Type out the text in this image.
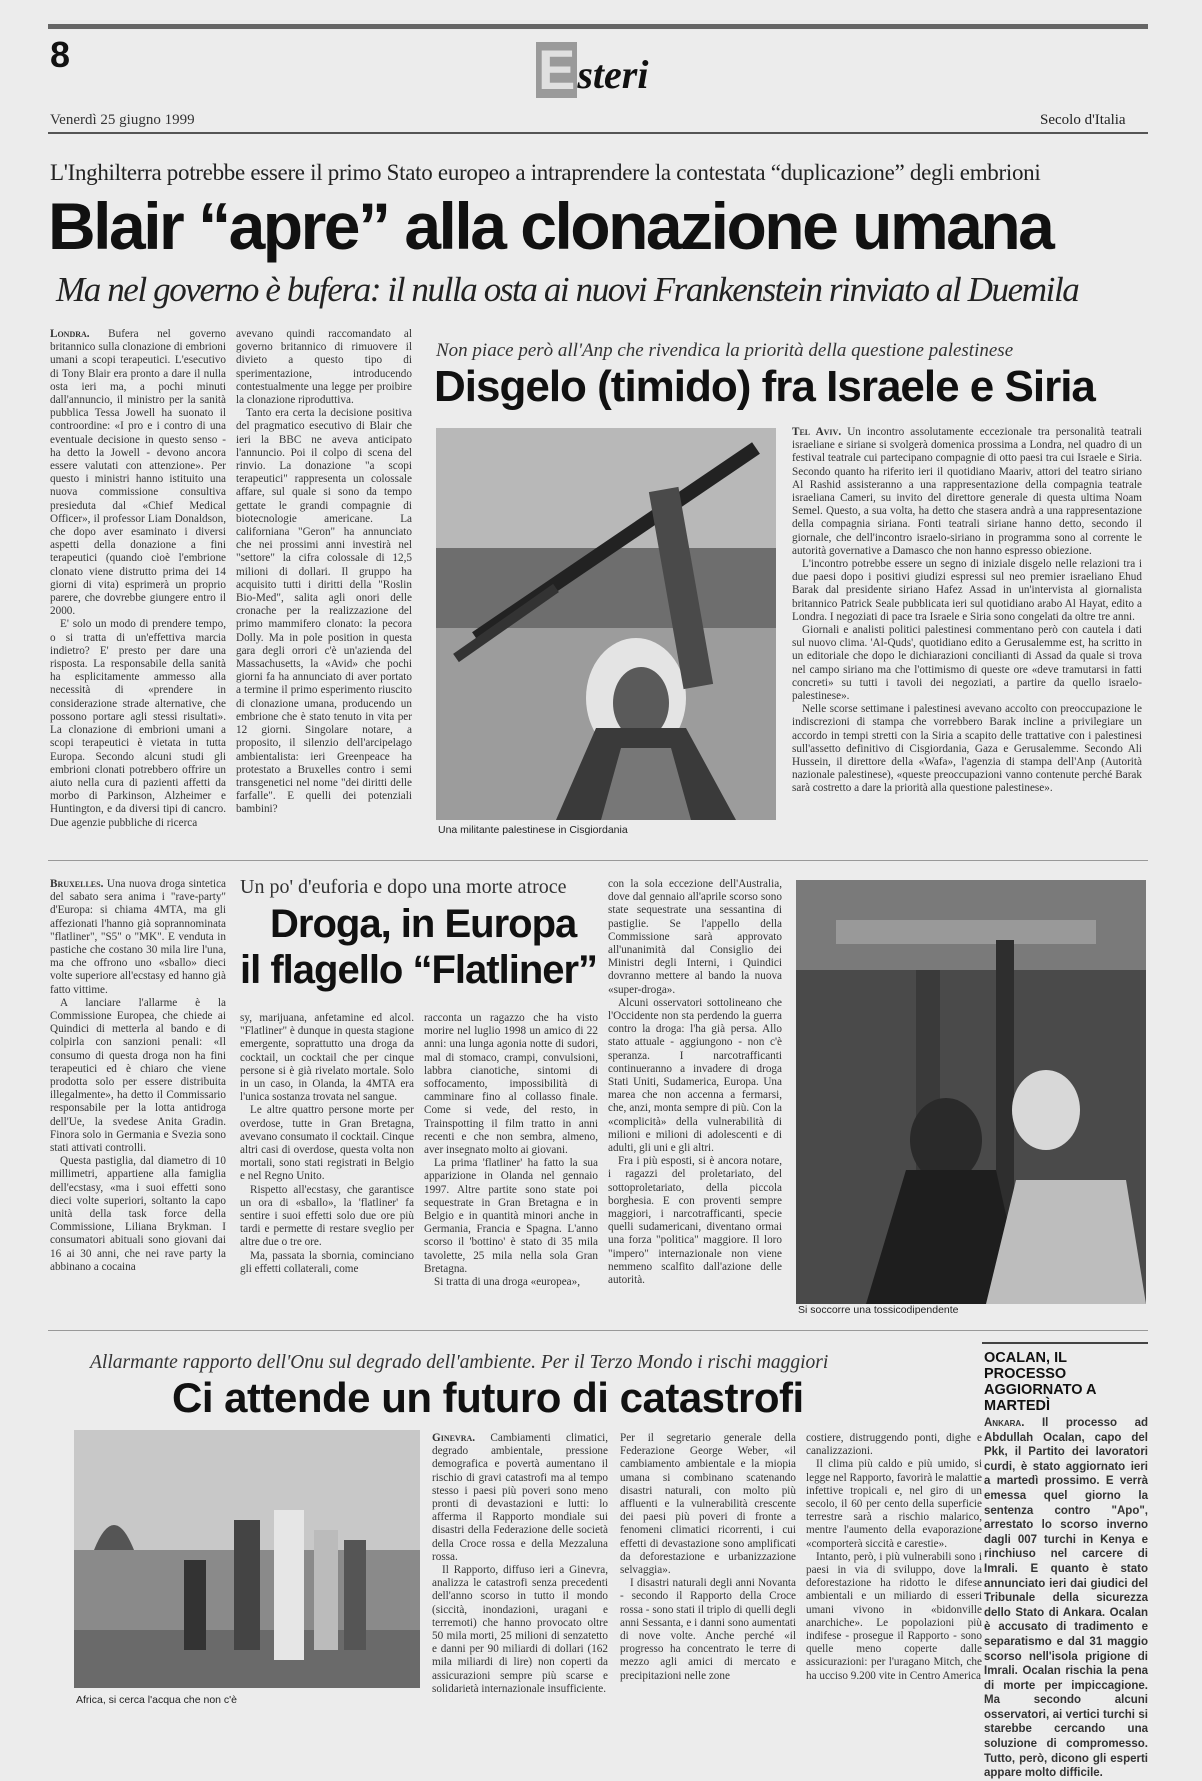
8	Esteri
Venerdì 25 giugno 1999	Secolo d'Italia
L'Inghilterra potrebbe essere il primo Stato europeo a intraprendere la contestata “duplicazione” degli embrioni
Blair “apre” alla clonazione umana
Ma nel governo è bufera: il nulla osta ai nuovi Frankenstein rinviato al Duemila

Londra. Bufera nel governo britannico sulla clonazione di embrioni umani a scopi terapeutici. L'esecutivo di Tony Blair era pronto a dare il nulla osta ieri ma, a pochi minuti dall'annuncio, il ministro per la sanità pubblica Tessa Jowell ha suonato il controordine: «I pro e i contro di una eventuale decisione in questo senso - ha detto la Jowell - devono ancora essere valutati con attenzione». Per questo i ministri hanno istituito una nuova commissione consultiva presieduta dal «Chief Medical Officer», il professor Liam Donaldson, che dopo aver esaminato i diversi aspetti della donazione a fini terapeutici (quando cioè l'embrione clonato viene distrutto prima dei 14 giorni di vita) esprimerà un proprio parere, che dovrebbe giungere entro il 2000.

E' solo un modo di prendere tempo, o si tratta di un'effettiva marcia indietro? E' presto per dare una risposta. La responsabile della sanità ha esplicitamente ammesso alla necessità di «prendere in considerazione strade alternative, che possono portare agli stessi risultati». La clonazione di embrioni umani a scopi terapeutici è vietata in tutta Europa. Secondo alcuni studi gli embrioni clonati potrebbero offrire un aiuto nella cura di pazienti affetti da morbo di Parkinson, Alzheimer e Huntington, e da diversi tipi di cancro. Due agenzie pubbliche di ricerca

avevano quindi raccomandato al governo britannico di rimuovere il divieto a questo tipo di sperimentazione, introducendo contestualmente una legge per proibire la clonazione riproduttiva.

Tanto era certa la decisione positiva del pragmatico esecutivo di Blair che ieri la BBC ne aveva anticipato l'annuncio. Poi il colpo di scena del rinvio. La donazione "a scopi terapeutici" rappresenta un colossale affare, sul quale si sono da tempo gettate le grandi compagnie di biotecnologie americane. La californiana "Geron" ha annunciato che nei prossimi anni investirà nel "settore" la cifra colossale di 12,5 milioni di dollari. Il gruppo ha acquisito tutti i diritti della "Roslin Bio-Med", salita agli onori delle cronache per la realizzazione del primo mammifero clonato: la pecora Dolly. Ma in pole position in questa gara degli orrori c'è un'azienda del Massachusetts, la «Avid» che pochi giorni fa ha annunciato di aver portato a termine il primo esperimento riuscito di clonazione umana, producendo un embrione che è stato tenuto in vita per 12 giorni. Singolare notare, a proposito, il silenzio dell'arcipelago ambientalista: ieri Greenpeace ha protestato a Bruxelles contro i semi transgenetici nel nome "dei diritti delle farfalle". E quelli dei potenziali bambini?

Non piace però all'Anp che rivendica la priorità della questione palestinese
Disgelo (timido) fra Israele e Siria
Una militante palestinese in Cisgiordania

Tel Aviv. Un incontro assolutamente eccezionale tra personalità teatrali israeliane e siriane si svolgerà domenica prossima a Londra, nel quadro di un festival teatrale cui partecipano compagnie di otto paesi tra cui Israele e Siria. Secondo quanto ha riferito ieri il quotidiano Maariv, attori del teatro siriano Al Rashid assisteranno a una rappresentazione della compagnia teatrale israeliana Cameri, su invito del direttore generale di questa ultima Noam Semel. Questo, a sua volta, ha detto che stasera andrà a una rappresentazione della compagnia siriana. Fonti teatrali siriane hanno detto, secondo il giornale, che dell'incontro israelo-siriano in programma sono al corrente le autorità governative a Damasco che non hanno espresso obiezione.

L'incontro potrebbe essere un segno di iniziale disgelo nelle relazioni tra i due paesi dopo i positivi giudizi espressi sul neo premier israeliano Ehud Barak dal presidente siriano Hafez Assad in un'intervista al giornalista britannico Patrick Seale pubblicata ieri sul quotidiano arabo Al Hayat, edito a Londra. I negoziati di pace tra Israele e Siria sono congelati da oltre tre anni.

Giornali e analisti politici palestinesi commentano però con cautela i dati sul nuovo clima. 'Al-Quds', quotidiano edito a Gerusalemme est, ha scritto in un editoriale che dopo le dichiarazioni concilianti di Assad da quale si trova nel campo siriano ma che l'ottimismo di queste ore «deve tramutarsi in fatti concreti» su tutti i tavoli dei negoziati, a partire da quello israelo-palestinese».

Nelle scorse settimane i palestinesi avevano accolto con preoccupazione le indiscrezioni di stampa che vorrebbero Barak incline a privilegiare un accordo in tempi stretti con la Siria a scapito delle trattative con i palestinesi sull'assetto definitivo di Cisgiordania, Gaza e Gerusalemme. Secondo Ali Hussein, il direttore della «Wafa», l'agenzia di stampa dell'Anp (Autorità nazionale palestinese), «queste preoccupazioni vanno contenute perché Barak sarà costretto a dare la priorità alla questione palestinese».

Bruxelles. Una nuova droga sintetica del sabato sera anima i "rave-party" d'Europa: si chiama 4MTA, ma gli affezionati l'hanno già soprannominata "flatliner", "S5" o "MK". E venduta in pastiche che costano 30 mila lire l'una, ma che offrono uno «sballo» dieci volte superiore all'ecstasy ed hanno già fatto vittime.

A lanciare l'allarme è la Commissione Europea, che chiede ai Quindici di metterla al bando e di colpirla con sanzioni penali: «Il consumo di questa droga non ha fini terapeutici ed è chiaro che viene prodotta solo per essere distribuita illegalmente», ha detto il Commissario responsabile per la lotta antidroga dell'Ue, la svedese Anita Gradin. Finora solo in Germania e Svezia sono stati attivati controlli.

Questa pastiglia, dal diametro di 10 millimetri, appartiene alla famiglia dell'ecstasy, «ma i suoi effetti sono dieci volte superiori, soltanto la capo unità della task force della Commissione, Liliana Brykman. I consumatori abituali sono giovani dai 16 ai 30 anni, che nei rave party la abbinano a cocaina

Un po' d'euforia e dopo una morte atroce
Droga, in Europa
il flagello “Flatliner”

sy, marijuana, anfetamine ed alcol. "Flatliner" è dunque in questa stagione emergente, soprattutto una droga da cocktail, un cocktail che per cinque persone si è già rivelato mortale. Solo in un caso, in Olanda, la 4MTA era l'unica sostanza trovata nel sangue.

Le altre quattro persone morte per overdose, tutte in Gran Bretagna, avevano consumato il cocktail. Cinque altri casi di overdose, questa volta non mortali, sono stati registrati in Belgio e nel Regno Unito.

Rispetto all'ecstasy, che garantisce un ora di «sballo», la 'flatliner' fa sentire i suoi effetti solo due ore più tardi e permette di restare sveglio per altre due o tre ore.

Ma, passata la sbornia, cominciano gli effetti collaterali, come

racconta un ragazzo che ha visto morire nel luglio 1998 un amico di 22 anni: una lunga agonia notte di sudori, mal di stomaco, crampi, convulsioni, labbra cianotiche, sintomi di soffocamento, impossibilità di camminare fino al collasso finale. Come si vede, del resto, in Trainspotting il film tratto in anni recenti e che non sembra, almeno, aver insegnato molto ai giovani.

La prima 'flatliner' ha fatto la sua apparizione in Olanda nel gennaio 1997. Altre partite sono state poi sequestrate in Gran Bretagna e in Belgio e in quantità minori anche in Germania, Francia e Spagna. L'anno scorso il 'bottino' è stato di 35 mila tavolette, 25 mila nella sola Gran Bretagna.

Si tratta di una droga «europea»,

con la sola eccezione dell'Australia, dove dal gennaio all'aprile scorso sono state sequestrate una sessantina di pastiglie. Se l'appello della Commissione sarà approvato all'unanimità dal Consiglio dei Ministri degli Interni, i Quindici dovranno mettere al bando la nuova «super-droga».

Alcuni osservatori sottolineano che l'Occidente non sta perdendo la guerra contro la droga: l'ha già persa. Allo stato attuale - aggiungono - non c'è speranza. I narcotrafficanti continueranno a invadere di droga Stati Uniti, Sudamerica, Europa. Una marea che non accenna a fermarsi, che, anzi, monta sempre di più. Con la «complicità» della vulnerabilità di milioni e milioni di adolescenti e di adulti, gli uni e gli altri.

Fra i più esposti, si è ancora notare, i ragazzi del proletariato, del sottoproletariato, della piccola borghesia. E con proventi sempre maggiori, i narcotrafficanti, specie quelli sudamericani, diventano ormai una forza "politica" maggiore. Il loro "impero" internazionale non viene nemmeno scalfito dall'azione delle autorità.

Si soccorre una tossicodipendente
Allarmante rapporto dell'Onu sul degrado dell'ambiente. Per il Terzo Mondo i rischi maggiori
Ci attende un futuro di catastrofi
Africa, si cerca l'acqua che non c'è

Ginevra. Cambiamenti climatici, degrado ambientale, pressione demografica e povertà aumentano il rischio di gravi catastrofi ma al tempo stesso i paesi più poveri sono meno pronti di devastazioni e lutti: lo afferma il Rapporto mondiale sui disastri della Federazione delle società della Croce rossa e della Mezzaluna rossa.

Il Rapporto, diffuso ieri a Ginevra, analizza le catastrofi senza precedenti dell'anno scorso in tutto il mondo (siccità, inondazioni, uragani e terremoti) che hanno provocato oltre 50 mila morti, 25 milioni di senzatetto e danni per 90 miliardi di dollari (162 mila miliardi di lire) non coperti da assicurazioni sempre più scarse e solidarietà internazionale insufficiente.

Per il segretario generale della Federazione George Weber, «il cambiamento ambientale e la miopia umana si combinano scatenando disastri naturali, con molto più affluenti e la vulnerabilità crescente dei paesi più poveri di fronte a fenomeni climatici ricorrenti, i cui effetti di devastazione sono amplificati da deforestazione e urbanizzazione selvaggia».

I disastri naturali degli anni Novanta - secondo il Rapporto della Croce rossa - sono stati il triplo di quelli degli anni Sessanta, e i danni sono aumentati di nove volte. Anche perché «il progresso ha concentrato le terre di mezzo agli amici di mercato e precipitazioni nelle zone

costiere, distruggendo ponti, dighe e canalizzazioni.

Il clima più caldo e più umido, si legge nel Rapporto, favorirà le malattie infettive tropicali e, nel giro di un secolo, il 60 per cento della superficie terrestre sarà a rischio malarico, mentre l'aumento della evaporazione «comporterà siccità e carestie».

Intanto, però, i più vulnerabili sono i paesi in via di sviluppo, dove la deforestazione ha ridotto le difese ambientali e un miliardo di esseri umani vivono in «bidonville anarchiche». Le popolazioni più indifese - prosegue il Rapporto - sono quelle meno coperte dalle assicurazioni: per l'uragano Mitch, che ha ucciso 9.200 vite in Centro America

OCALAN, IL PROCESSO AGGIORNATO A MARTEDÌ
Ankara. Il processo ad Abdullah Ocalan, capo del Pkk, il Partito dei lavoratori curdi, è stato aggiornato ieri a martedì prossimo. E verrà emessa quel giorno la sentenza contro "Apo", arrestato lo scorso inverno dagli 007 turchi in Kenya e rinchiuso nel carcere di Imrali. E quanto è stato annunciato ieri dai giudici del Tribunale della sicurezza dello Stato di Ankara. Ocalan è accusato di tradimento e separatismo e dal 31 maggio scorso nell'isola prigione di Imrali. Ocalan rischia la pena di morte per impiccagione. Ma secondo alcuni osservatori, ai vertici turchi si starebbe cercando una soluzione di compromesso. Tutto, però, dicono gli esperti appare molto difficile.
